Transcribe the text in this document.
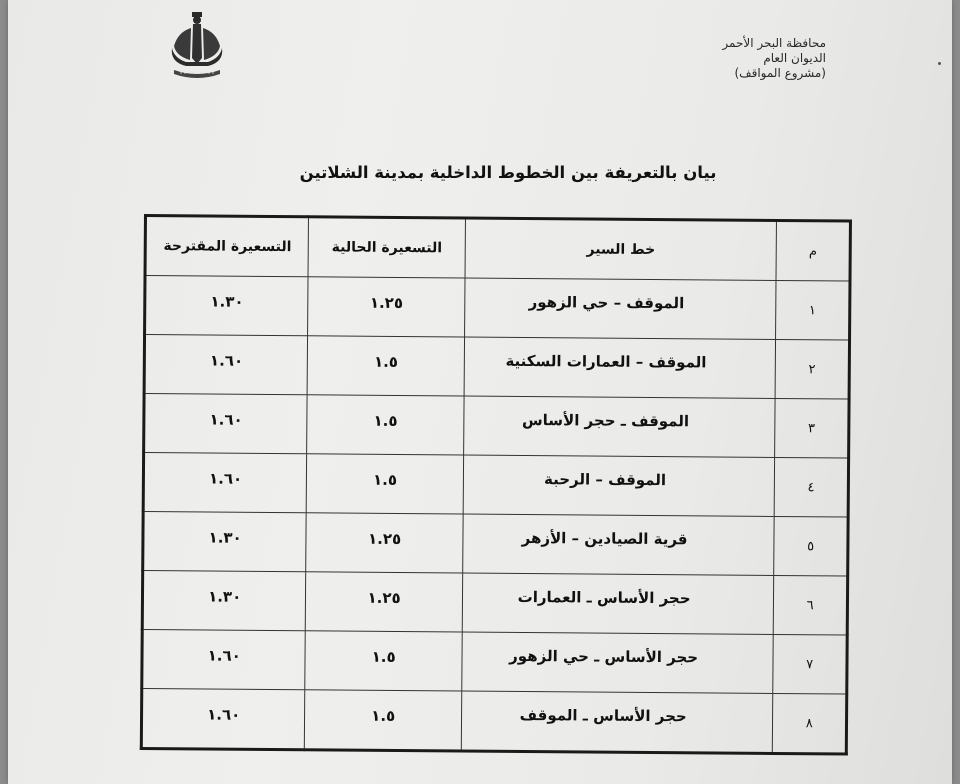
محافظة البحر الأحمر
الديوان العام
(مشروع المواقف)
بيان بالتعريفة بين الخطوط الداخلية بمدينة الشلاتين
م	خط السير	التسعيرة الحالية	التسعيرة المقترحة
١	الموقف – حي الزهور	١.٢٥	١.٣٠
٢	الموقف – العمارات السكنية	١.٥	١.٦٠
٣	الموقف ـ حجر الأساس	١.٥	١.٦٠
٤	الموقف – الرحبة	١.٥	١.٦٠
٥	قرية الصيادين – الأزهر	١.٢٥	١.٣٠
٦	حجر الأساس ـ العمارات	١.٢٥	١.٣٠
٧	حجر الأساس ـ حي الزهور	١.٥	١.٦٠
٨	حجر الأساس ـ الموقف	١.٥	١.٦٠
